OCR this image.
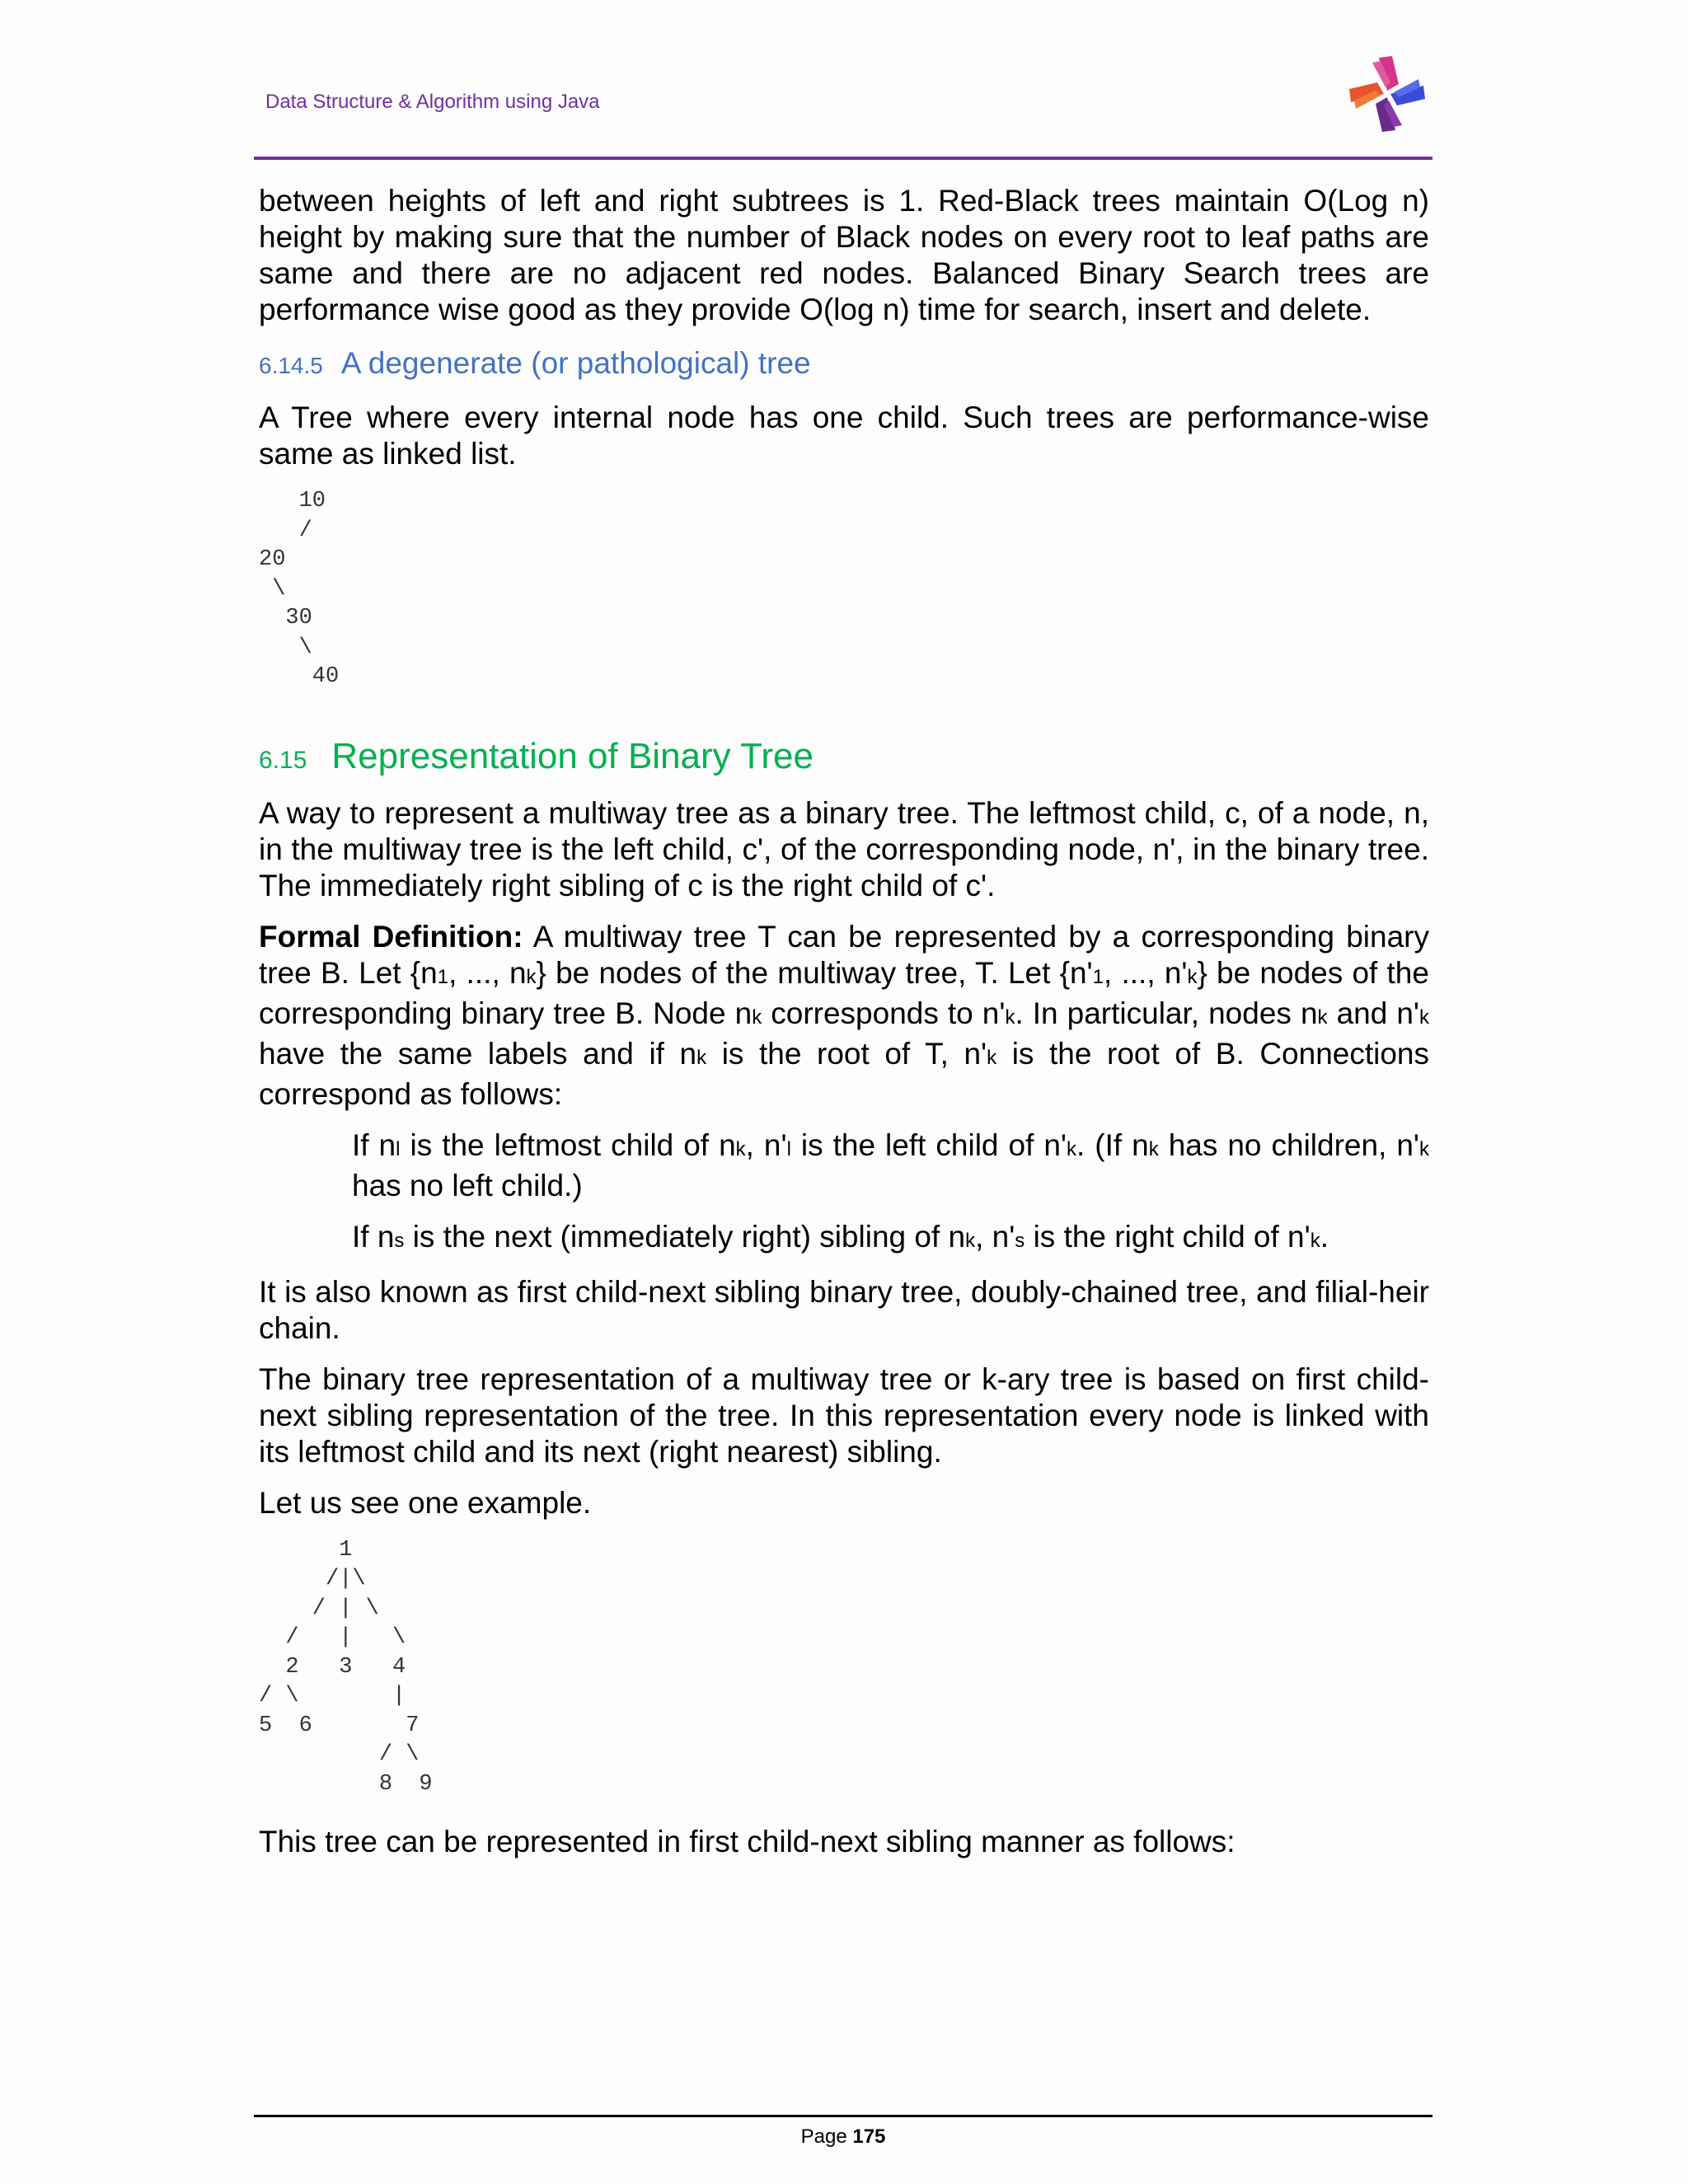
Data Structure & Algorithm using Java

between heights of left and right subtrees is 1. Red-Black trees maintain O(Log n) height by making sure that the number of Black nodes on every root to leaf paths are same and there are no adjacent red nodes. Balanced Binary Search trees are performance wise good as they provide O(log n) time for search, insert and delete.

6.14.5 A degenerate (or pathological) tree

A Tree where every internal node has one child. Such trees are performance-wise same as linked list.

10
/
20
\
30
\
40
6.15 Representation of Binary Tree

A way to represent a multiway tree as a binary tree. The leftmost child, c, of a node, n, in the multiway tree is the left child, c', of the corresponding node, n', in the binary tree. The immediately right sibling of c is the right child of c'.

Formal Definition: A multiway tree T can be represented by a corresponding binary tree B. Let {n1, ..., nk} be nodes of the multiway tree, T. Let {n'1, ..., n'k} be nodes of the corresponding binary tree B. Node nk corresponds to n'k. In particular, nodes nk and n'k have the same labels and if nk is the root of T, n'k is the root of B. Connections correspond as follows:

If nl is the leftmost child of nk, n'l is the left child of n'k. (If nk has no children, n'k has no left child.)

If ns is the next (immediately right) sibling of nk, n's is the right child of n'k.

It is also known as first child-next sibling binary tree, doubly-chained tree, and filial-heir chain.

The binary tree representation of a multiway tree or k-ary tree is based on first child-next sibling representation of the tree. In this representation every node is linked with its leftmost child and its next (right nearest) sibling.

Let us see one example.

1
/|\
/ | \
/   |   \
2   3   4
/ \       |
5  6       7
/ \
8  9

This tree can be represented in first child-next sibling manner as follows:

Page 175
